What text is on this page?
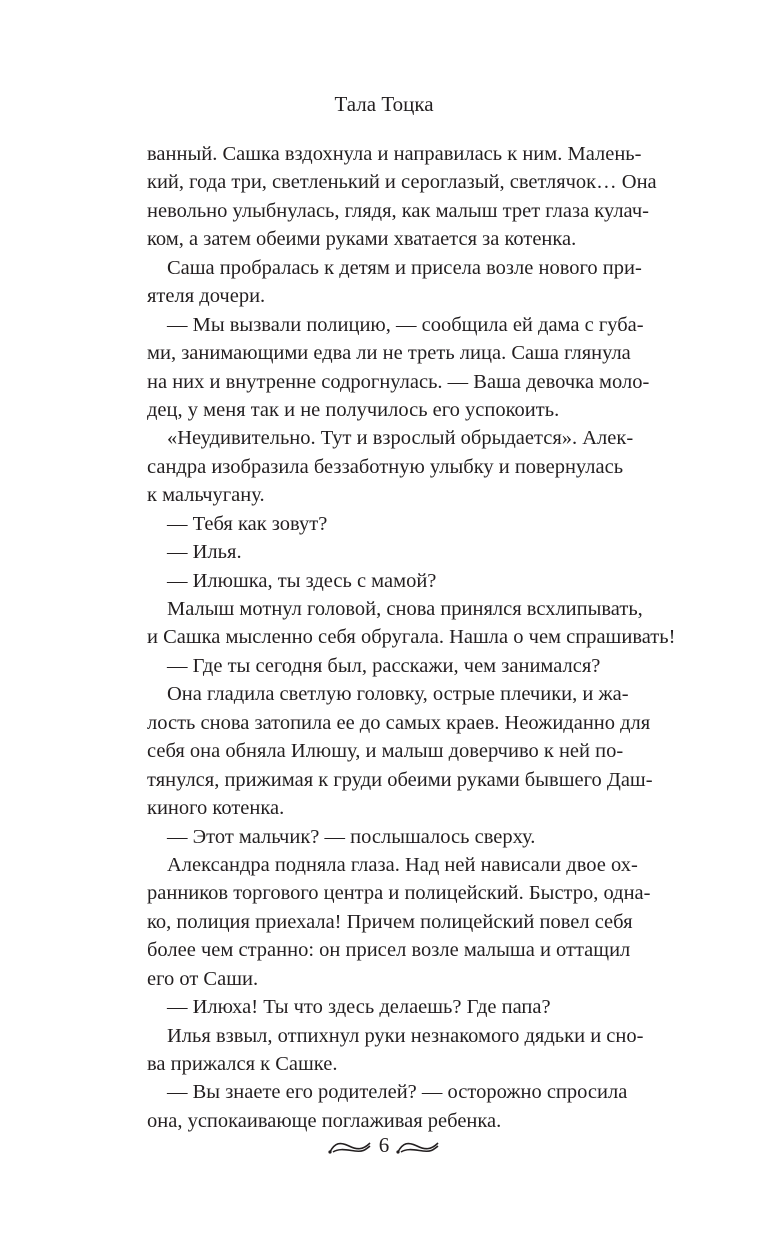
Тала Тоцка
ванный. Сашка вздохнула и направилась к ним. Малень-
кий, года три, светленький и сероглазый, светлячок… Она
невольно улыбнулась, глядя, как малыш трет глаза кулач-
ком, а затем обеими руками хватается за котенка.
Саша пробралась к детям и присела возле нового при-
ятеля дочери.
— Мы вызвали полицию, — сообщила ей дама с губа-
ми, занимающими едва ли не треть лица. Саша глянула
на них и внутренне содрогнулась. — Ваша девочка моло-
дец, у меня так и не получилось его успокоить.
«Неудивительно. Тут и взрослый обрыдается». Алек-
сандра изобразила беззаботную улыбку и повернулась
к мальчугану.
— Тебя как зовут?
— Илья.
— Илюшка, ты здесь с мамой?
Малыш мотнул головой, снова принялся всхлипывать,
и Сашка мысленно себя обругала. Нашла о чем спрашивать!
— Где ты сегодня был, расскажи, чем занимался?
Она гладила светлую головку, острые плечики, и жа-
лость снова затопила ее до самых краев. Неожиданно для
себя она обняла Илюшу, и малыш доверчиво к ней по-
тянулся, прижимая к груди обеими руками бывшего Даш-
киного котенка.
— Этот мальчик? — послышалось сверху.
Александра подняла глаза. Над ней нависали двое ох-
ранников торгового центра и полицейский. Быстро, одна-
ко, полиция приехала! Причем полицейский повел себя
более чем странно: он присел возле малыша и оттащил
его от Саши.
— Илюха! Ты что здесь делаешь? Где папа?
Илья взвыл, отпихнул руки незнакомого дядьки и сно-
ва прижался к Сашке.
— Вы знаете его родителей? — осторожно спросила
она, успокаивающе поглаживая ребенка.
6
